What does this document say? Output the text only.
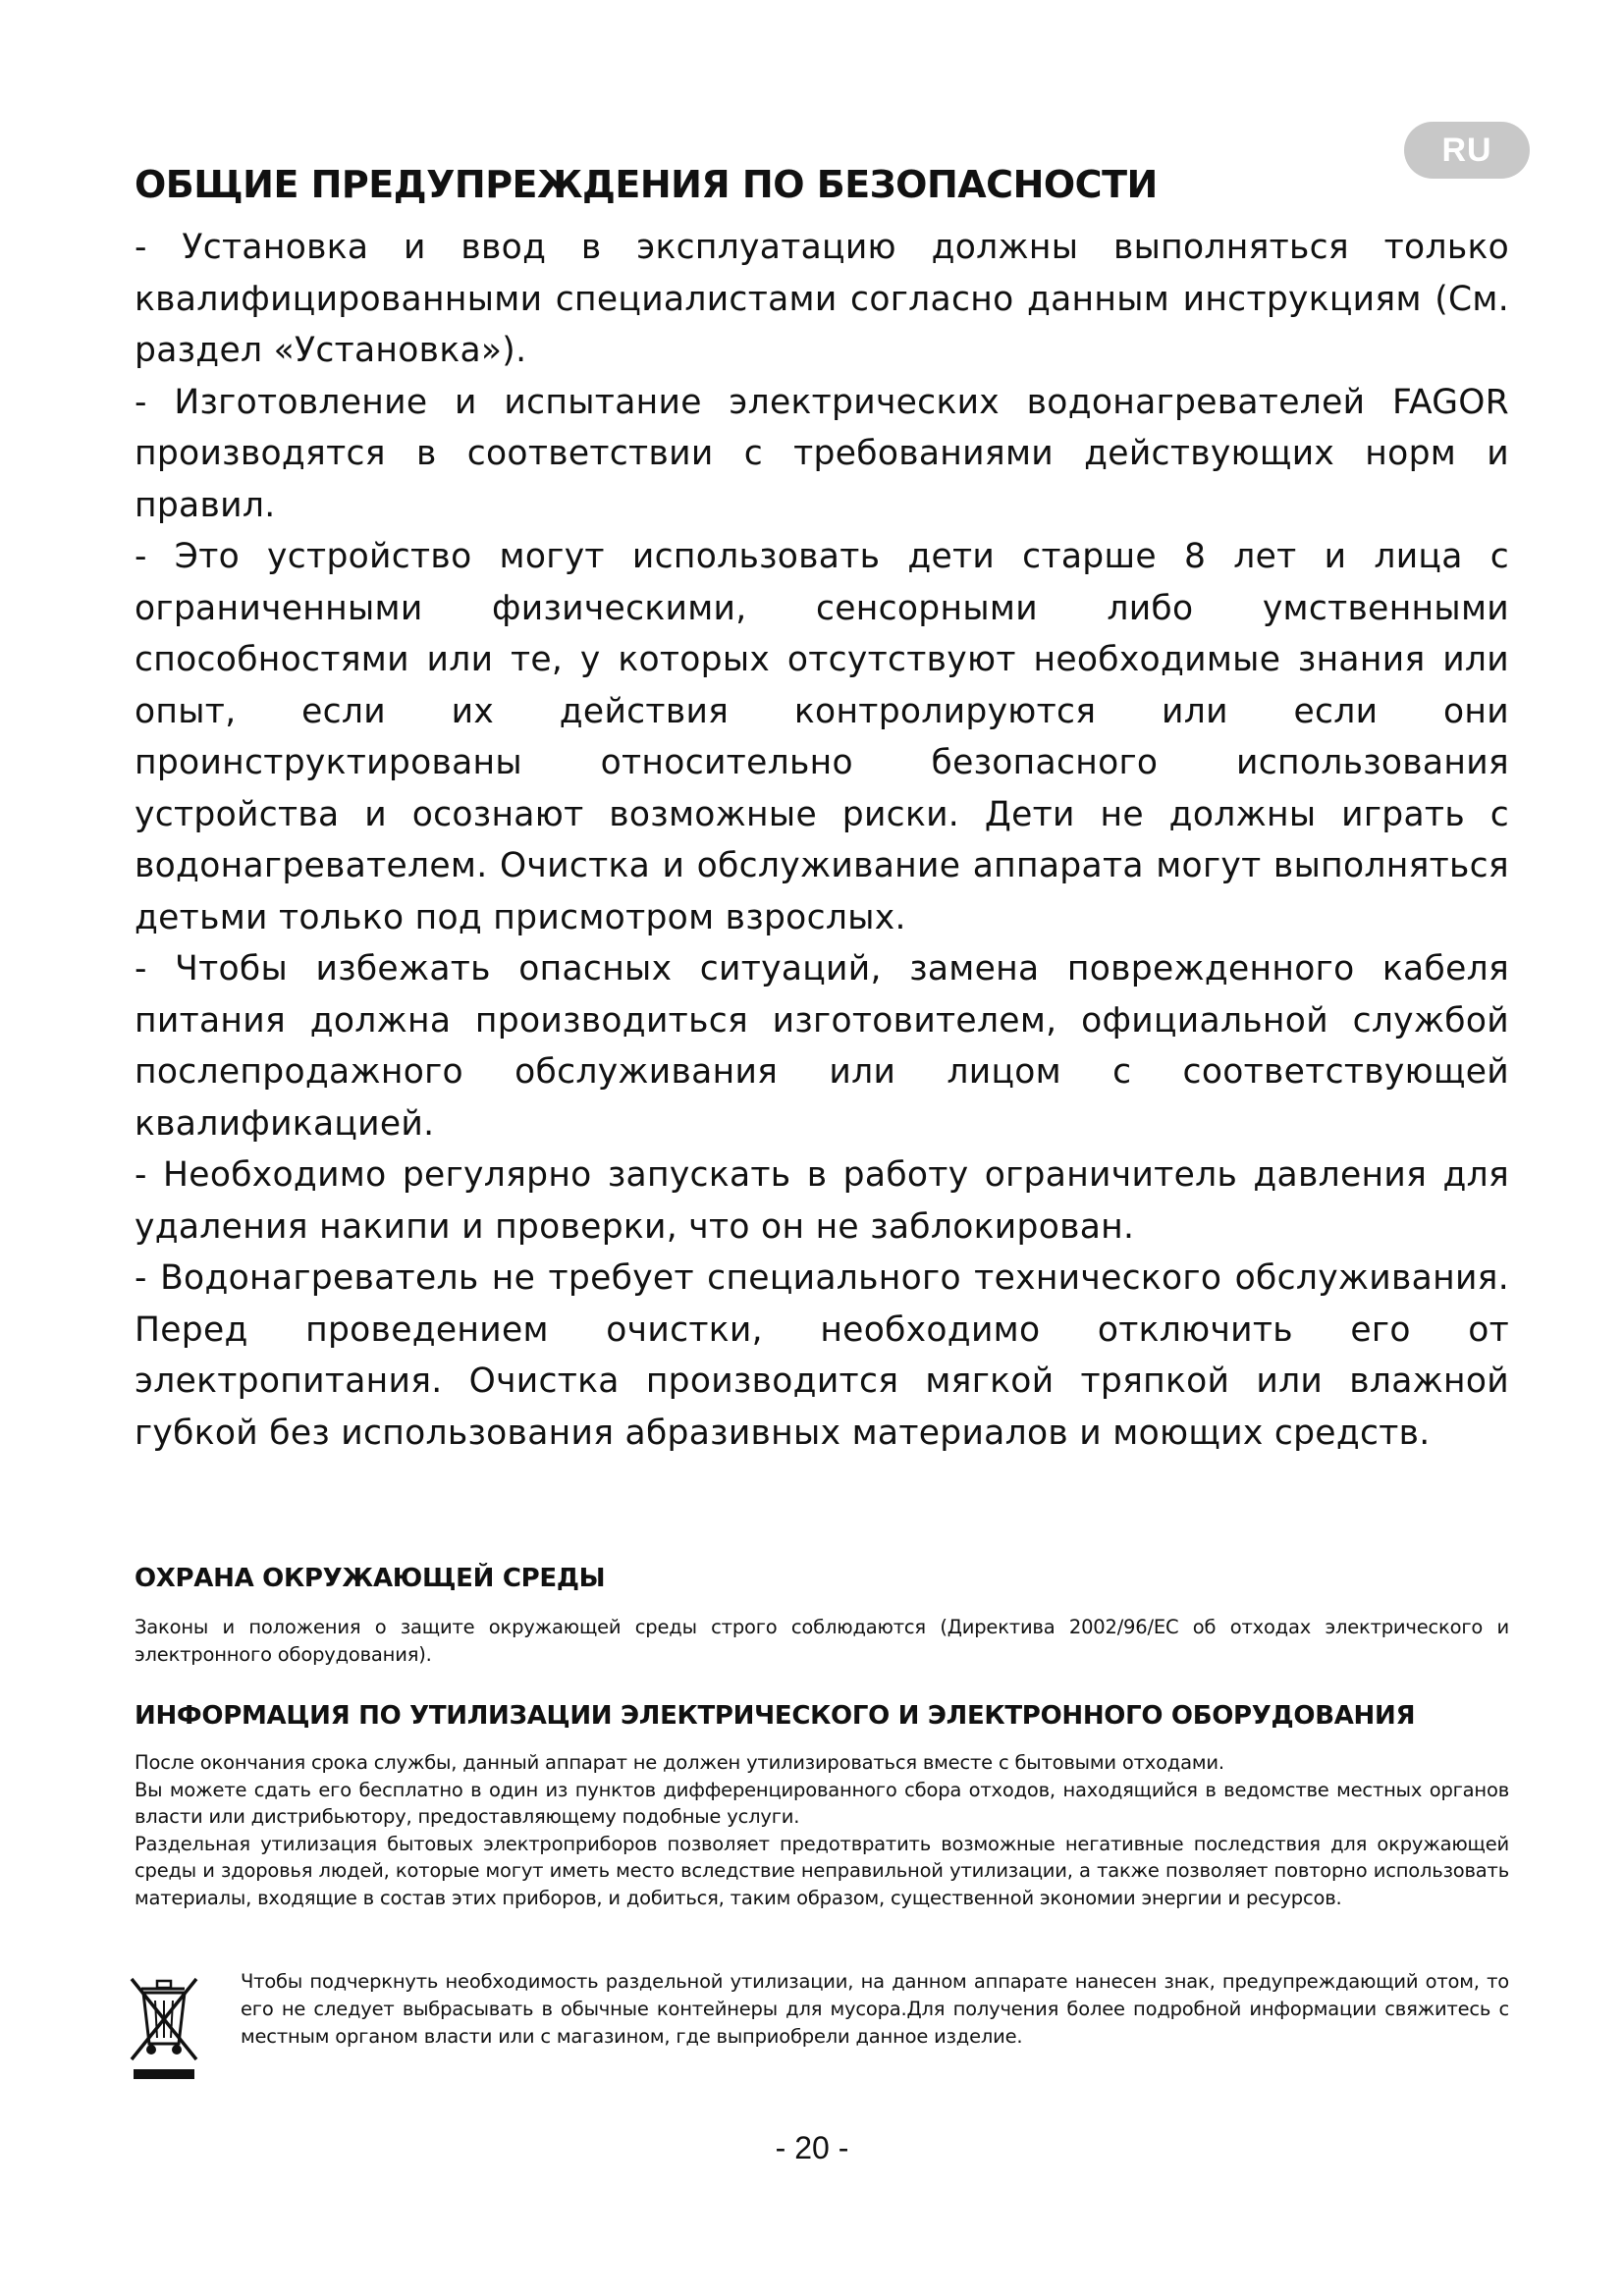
RU
ОБЩИЕ ПРЕДУПРЕЖДЕНИЯ ПО БЕЗОПАСНОСТИ

- Установка и ввод в эксплуатацию должны выполняться только квалифицированными специалистами согласно данным инструкциям (См. раздел «Установка»).

- Изготовление и испытание электрических водонагревателей FAGOR производятся в соответствии с требованиями действующих норм и правил.

- Это устройство могут использовать дети старше 8 лет и лица с ограниченными физическими, сенсорными либо умственными способностями или те, у которых отсутствуют необходимые знания или опыт, если их действия контролируются или если они проинструктированы относительно безопасного использования устройства и осознают возможные риски. Дети не должны играть с водонагревателем. Очистка и обслуживание аппарата могут выполняться детьми только под присмотром взрослых.

- Чтобы избежать опасных ситуаций, замена поврежденного кабеля питания должна производиться изготовителем, официальной службой послепродажного обслуживания или лицом с соответствующей квалификацией.

- Необходимо регулярно запускать в работу ограничитель давления для удаления накипи и проверки, что он не заблокирован.

- Водонагреватель не требует специального технического обслуживания. Перед проведением очистки, необходимо отключить его от электропитания. Очистка производится мягкой тряпкой или влажной губкой без использования абразивных материалов и моющих средств.

ОХРАНА ОКРУЖАЮЩЕЙ СРЕДЫ

Законы и положения о защите окружающей среды строго соблюдаются (Директива 2002/96/ЕС об отходах электрического и электронного оборудования).

ИНФОРМАЦИЯ ПО УТИЛИЗАЦИИ ЭЛЕКТРИЧЕСКОГО И ЭЛЕКТРОННОГО ОБОРУДОВАНИЯ

После окончания срока службы, данный аппарат не должен утилизироваться вместе с бытовыми отходами.

Вы можете сдать его бесплатно в один из пунктов дифференцированного сбора отходов, находящийся в ведомстве местных органов власти или дистрибьютору, предоставляющему подобные услуги.

Раздельная утилизация бытовых электроприборов позволяет предотвратить возможные негативные последствия для окружающей среды и здоровья людей, которые могут иметь место вследствие неправильной утилизации, а также позволяет повторно использовать материалы, входящие в состав этих приборов, и добиться, таким образом, существенной экономии энергии и ресурсов.

Чтобы подчеркнуть необходимость раздельной утилизации, на данном аппарате нанесен знак, предупреждающий отом, то его не следует выбрасывать в обычные контейнеры для мусора.Для получения более подробной информации свяжитесь с местным органом власти или с магазином, где выприобрели данное изделие.

- 20 -
